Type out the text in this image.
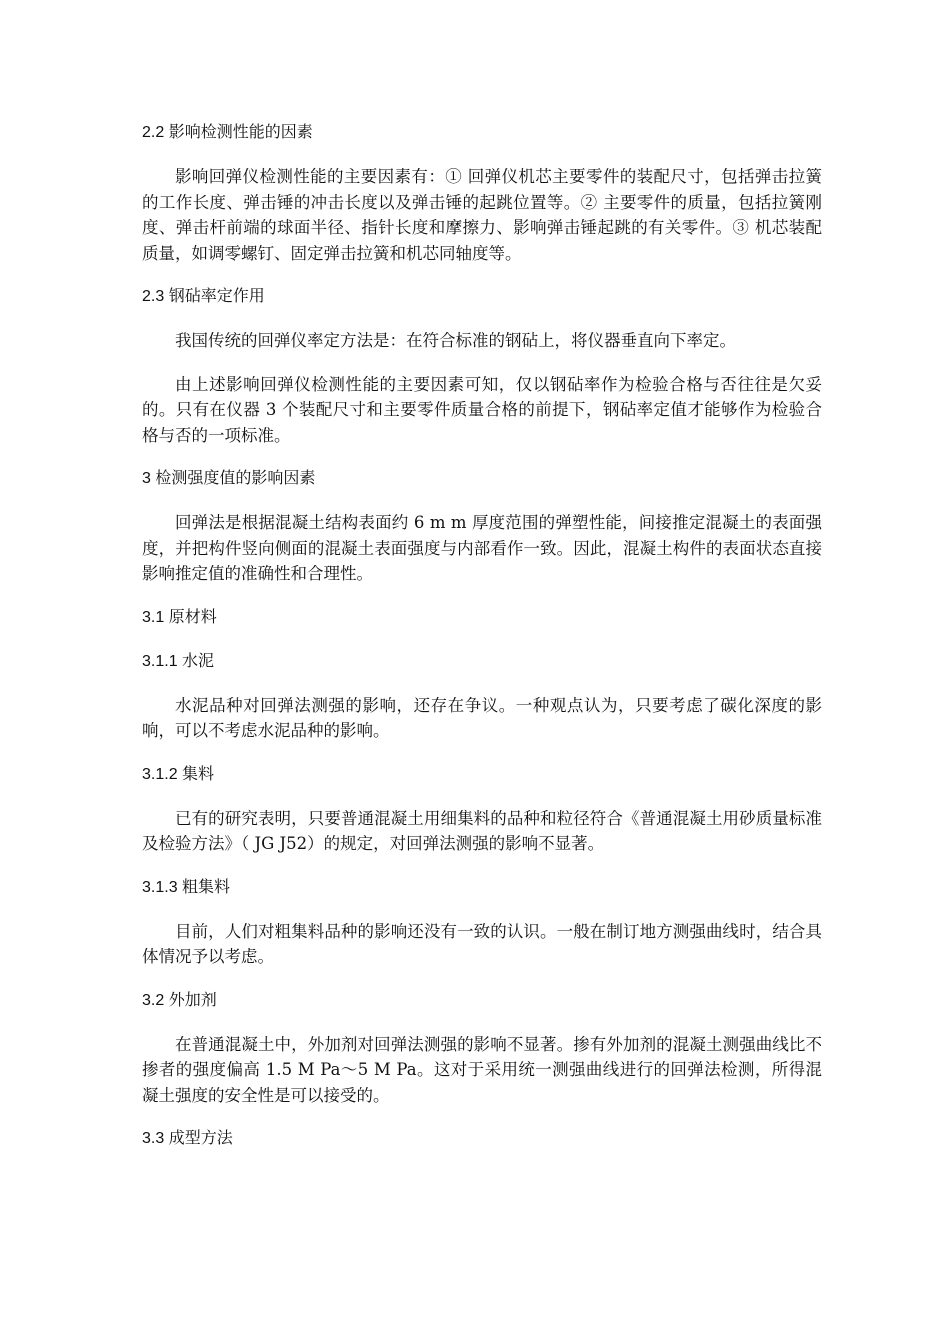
2.2 影响检测性能的因素

影响回弹仪检测性能的主要因素有：① 回弹仪机芯主要零件的装配尺寸，包括弹击拉簧的工作长度、弹击锤的冲击长度以及弹击锤的起跳位置等。② 主要零件的质量，包括拉簧刚度、弹击杆前端的球面半径、指针长度和摩擦力、影响弹击锤起跳的有关零件。③ 机芯装配质量，如调零螺钉、固定弹击拉簧和机芯同轴度等。

2.3 钢砧率定作用

我国传统的回弹仪率定方法是：在符合标准的钢砧上，将仪器垂直向下率定。

由上述影响回弹仪检测性能的主要因素可知，仅以钢砧率作为检验合格与否往往是欠妥的。只有在仪器 3 个装配尺寸和主要零件质量合格的前提下，钢砧率定值才能够作为检验合格与否的一项标准。

3 检测强度值的影响因素

回弹法是根据混凝土结构表面约 6 m m 厚度范围的弹塑性能，间接推定混凝土的表面强度，并把构件竖向侧面的混凝土表面强度与内部看作一致。因此，混凝土构件的表面状态直接影响推定值的准确性和合理性。

3.1 原材料
3.1.1 水泥

水泥品种对回弹法测强的影响，还存在争议。一种观点认为，只要考虑了碳化深度的影响，可以不考虑水泥品种的影响。

3.1.2 集料

已有的研究表明，只要普通混凝土用细集料的品种和粒径符合《普通混凝土用砂质量标准及检验方法》（ JG J52）的规定，对回弹法测强的影响不显著。

3.1.3 粗集料

目前，人们对粗集料品种的影响还没有一致的认识。一般在制订地方测强曲线时，结合具体情况予以考虑。

3.2 外加剂

在普通混凝土中，外加剂对回弹法测强的影响不显著。掺有外加剂的混凝土测强曲线比不掺者的强度偏高 1.5 M Pa～5 M Pa。这对于采用统一测强曲线进行的回弹法检测，所得混凝土强度的安全性是可以接受的。

3.3 成型方法
